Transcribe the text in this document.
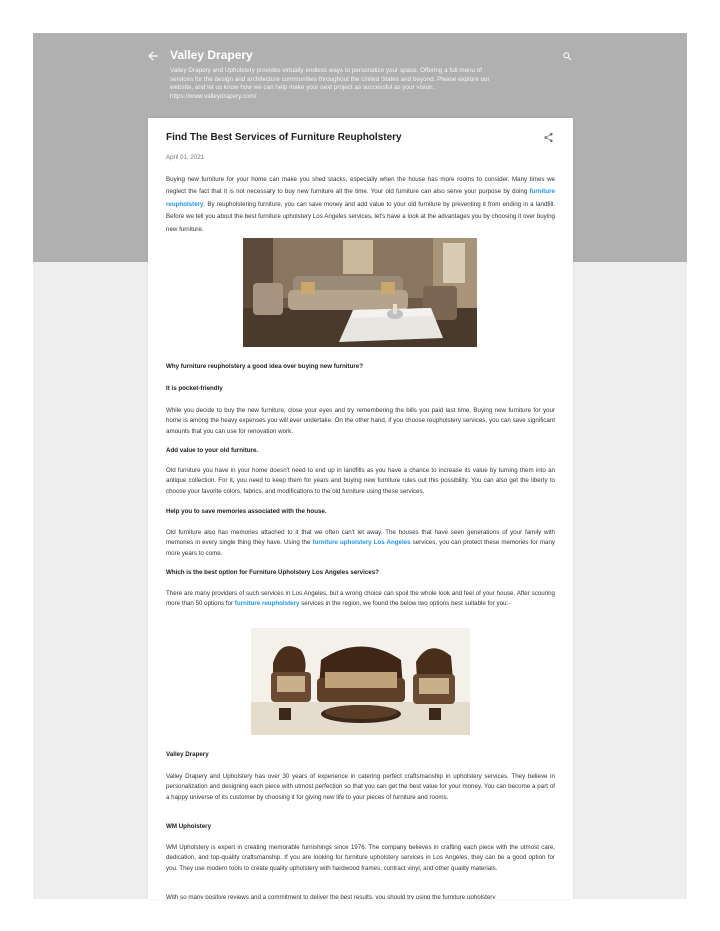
Valley Drapery
Valley Drapery and Upholstery provides virtually endless ways to personalize your space. Offering a full menu of
services for the design and architecture communities throughout the United States and beyond. Please explore our
website, and let us know how we can help make your next project as successful as your vision.
https://www.valleydrapery.com/
Find The Best Services of Furniture Reupholstery
April 01, 2021
Buying new furniture for your home can make you shed stacks, especially when the house has more rooms to consider. Many times we neglect the fact that it is not necessary to buy new furniture all the time. Your old furniture can also serve your purpose by doing furniture reupholstery. By reupholstering furniture, you can save money and add value to your old furniture by preventing it from ending in a landfill. Before we tell you about the best furniture upholstery Los Angeles services, let's have a look at the advantages you by choosing it over buying new furniture.
Why furniture reupholstery a good idea over buying new furniture?
It is pocket-friendly
While you decide to buy the new furniture, close your eyes and try remembering the bills you paid last time. Buying new furniture for your home is among the heavy expenses you will ever undertake. On the other hand, if you choose reupholstery services, you can save significant amounts that you can use for renovation work.
Add value to your old furniture.
Old furniture you have in your home doesn't need to end up in landfills as you have a chance to increase its value by turning them into an antique collection. For it, you need to keep them for years and buying new furniture rules out this possibility. You can also get the liberty to choose your favorite colors, fabrics, and modifications to the old furniture using these services.
Help you to save memories associated with the house.
Old furniture also has memories attached to it that we often can't let away. The houses that have seen generations of your family with memories in every single thing they have. Using the furniture upholstery Los Angeles services, you can protect these memories for many more years to come.
Which is the best option for Furniture Upholstery Los Angeles services?
There are many providers of such services in Los Angeles, but a wrong choice can spoil the whole look and feel of your house. After scouring more than 50 options for furniture reupholstery services in the region, we found the below two options best suitable for you:-
Valley Drapery
Valley Drapery and Upholstery has over 30 years of experience in catering perfect craftsmanship in upholstery services. They believe in personalization and designing each piece with utmost perfection so that you can get the best value for your money. You can become a part of a happy universe of its customer by choosing it for giving new life to your pieces of furniture and rooms.
WM Upholstery
WM Upholstery is expert in creating memorable furnishings since 1976. The company believes in crafting each piece with the utmost care, dedication, and top-quality craftsmanship. If you are looking for furniture upholstery services in Los Angeles, they can be a good option for you. They use modern tools to create quality upholstery with hardwood frames, contract vinyl, and other quality materials.
With so many positive reviews and a commitment to deliver the best results, you should try using the furniture upholstery
